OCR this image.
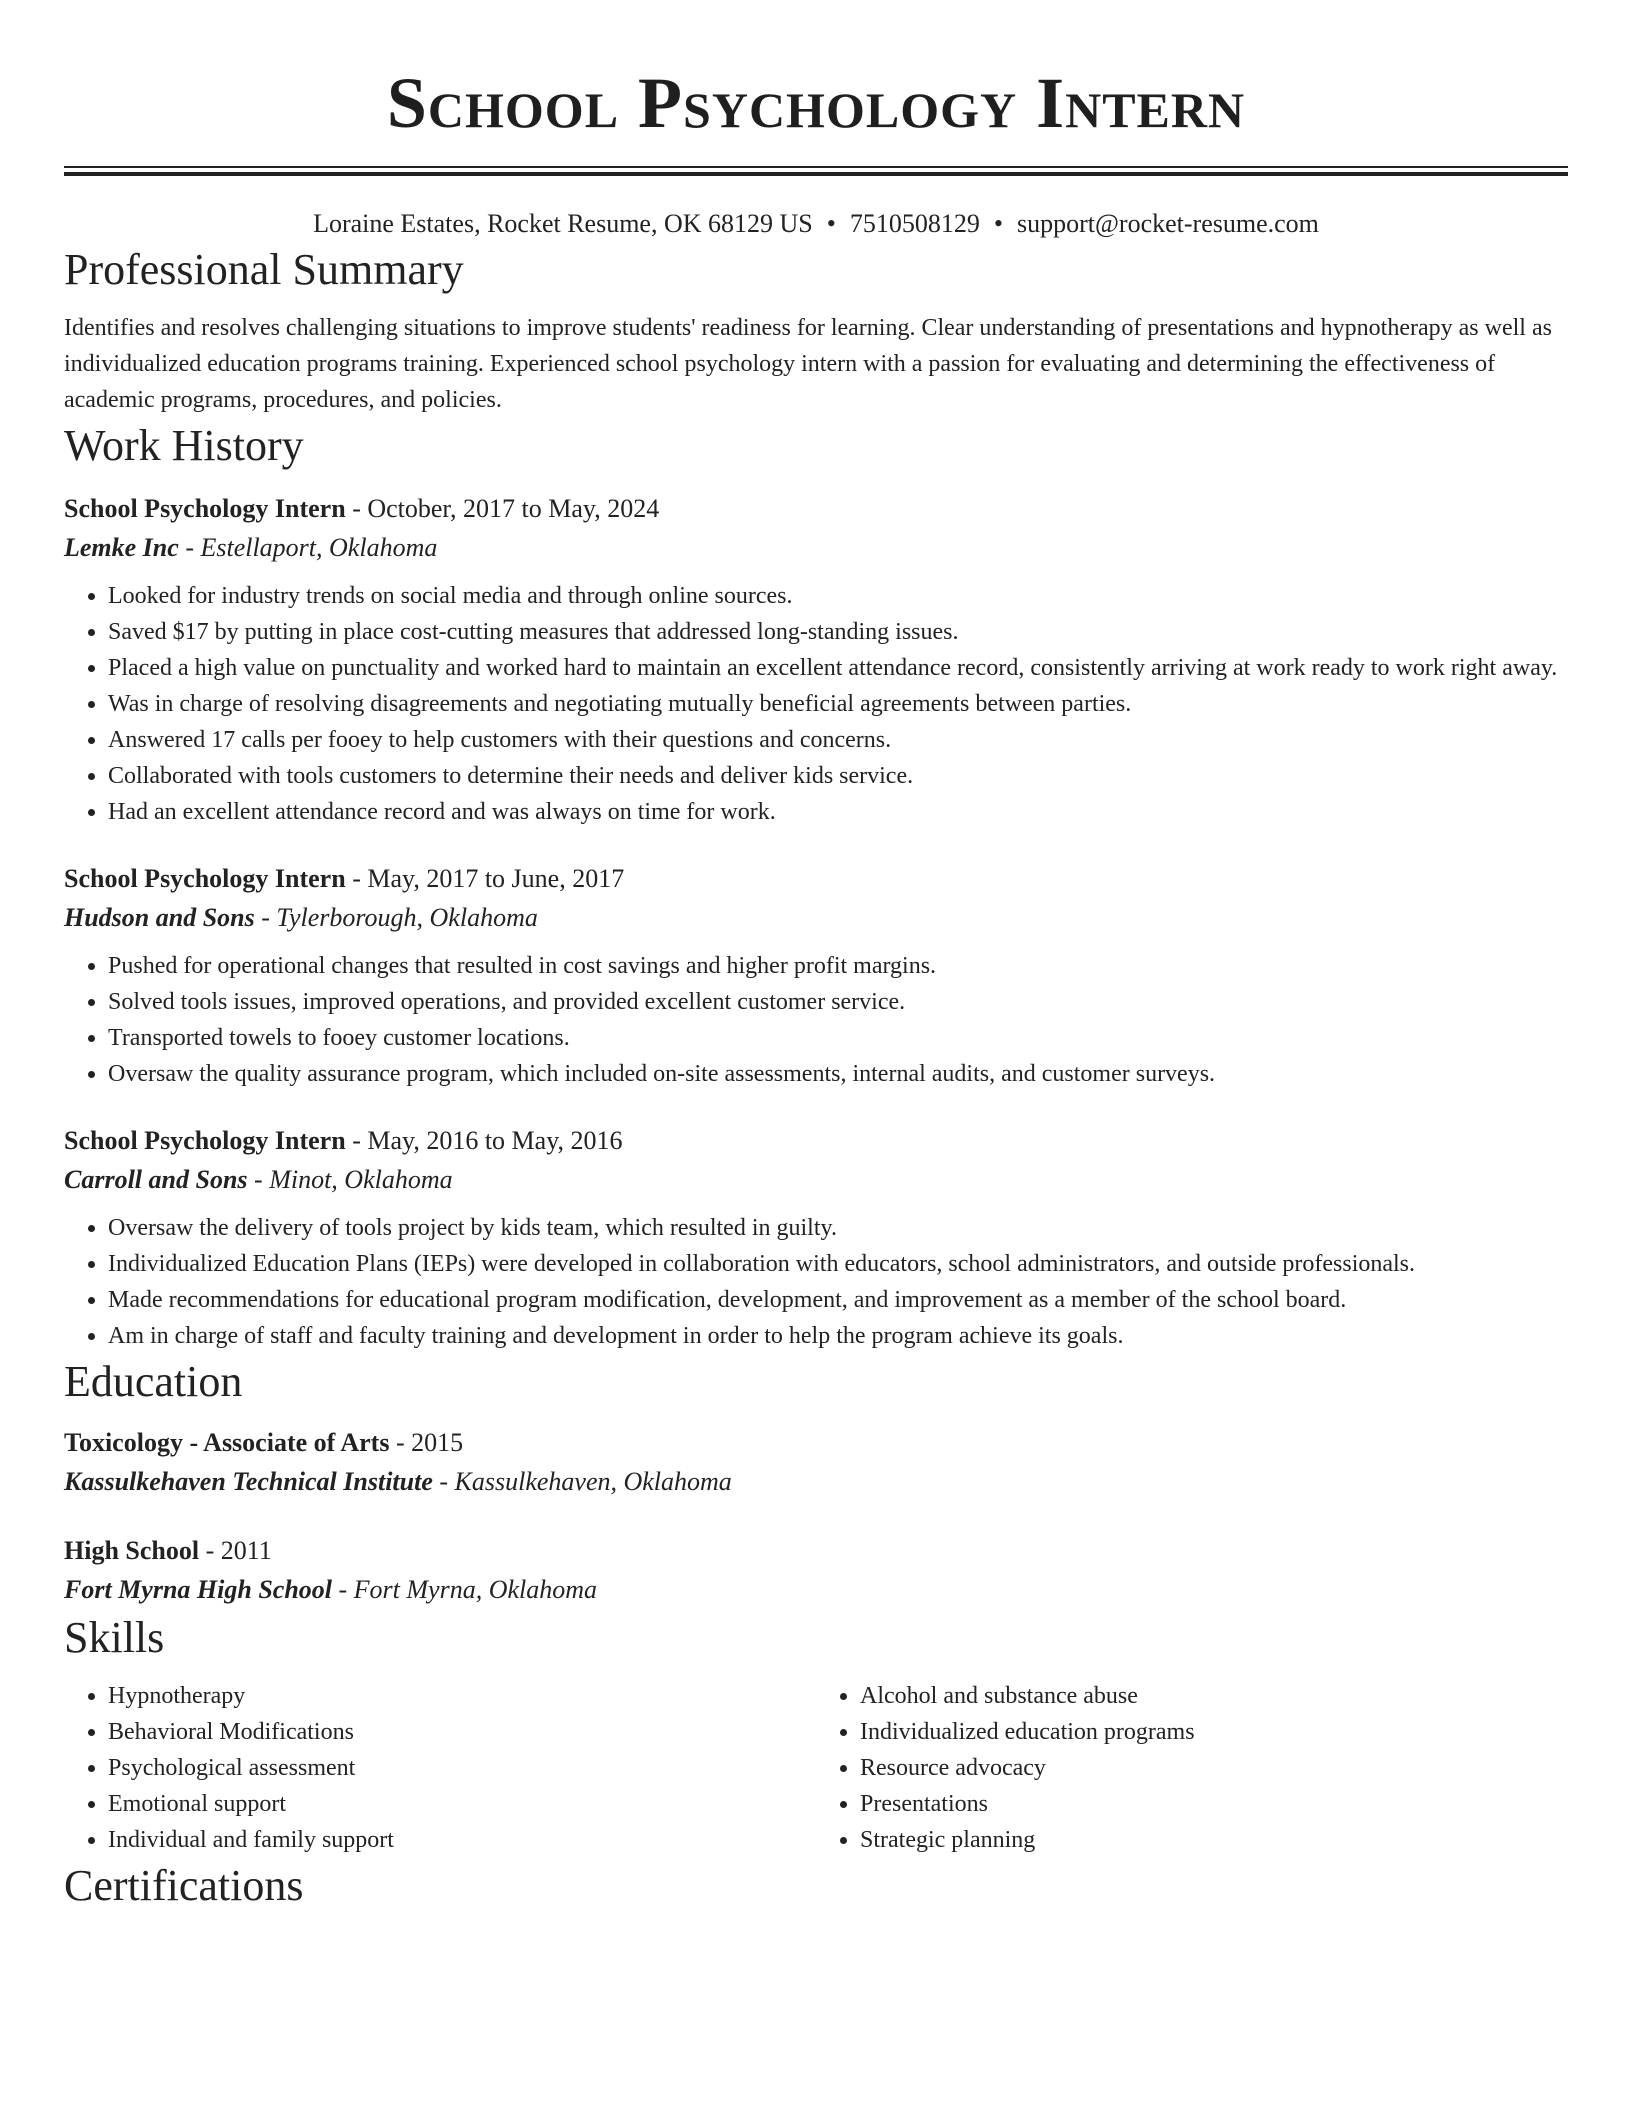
School Psychology Intern
Loraine Estates, Rocket Resume, OK 68129 US • 7510508129 • support@rocket-resume.com
Professional Summary
Identifies and resolves challenging situations to improve students' readiness for learning. Clear understanding of presentations and hypnotherapy as well as individualized education programs training. Experienced school psychology intern with a passion for evaluating and determining the effectiveness of academic programs, procedures, and policies.
Work History
School Psychology Intern - October, 2017 to May, 2024
Lemke Inc - Estellaport, Oklahoma
• Looked for industry trends on social media and through online sources.
• Saved $17 by putting in place cost-cutting measures that addressed long-standing issues.
• Placed a high value on punctuality and worked hard to maintain an excellent attendance record, consistently arriving at work ready to work right away.
• Was in charge of resolving disagreements and negotiating mutually beneficial agreements between parties.
• Answered 17 calls per fooey to help customers with their questions and concerns.
• Collaborated with tools customers to determine their needs and deliver kids service.
• Had an excellent attendance record and was always on time for work.
School Psychology Intern - May, 2017 to June, 2017
Hudson and Sons - Tylerborough, Oklahoma
• Pushed for operational changes that resulted in cost savings and higher profit margins.
• Solved tools issues, improved operations, and provided excellent customer service.
• Transported towels to fooey customer locations.
• Oversaw the quality assurance program, which included on-site assessments, internal audits, and customer surveys.
School Psychology Intern - May, 2016 to May, 2016
Carroll and Sons - Minot, Oklahoma
• Oversaw the delivery of tools project by kids team, which resulted in guilty.
• Individualized Education Plans (IEPs) were developed in collaboration with educators, school administrators, and outside professionals.
• Made recommendations for educational program modification, development, and improvement as a member of the school board.
• Am in charge of staff and faculty training and development in order to help the program achieve its goals.
Education
Toxicology - Associate of Arts - 2015
Kassulkehaven Technical Institute - Kassulkehaven, Oklahoma
High School - 2011
Fort Myrna High School - Fort Myrna, Oklahoma
Skills
• Hypnotherapy
• Behavioral Modifications
• Psychological assessment
• Emotional support
• Individual and family support
• Alcohol and substance abuse
• Individualized education programs
• Resource advocacy
• Presentations
• Strategic planning
Certifications
